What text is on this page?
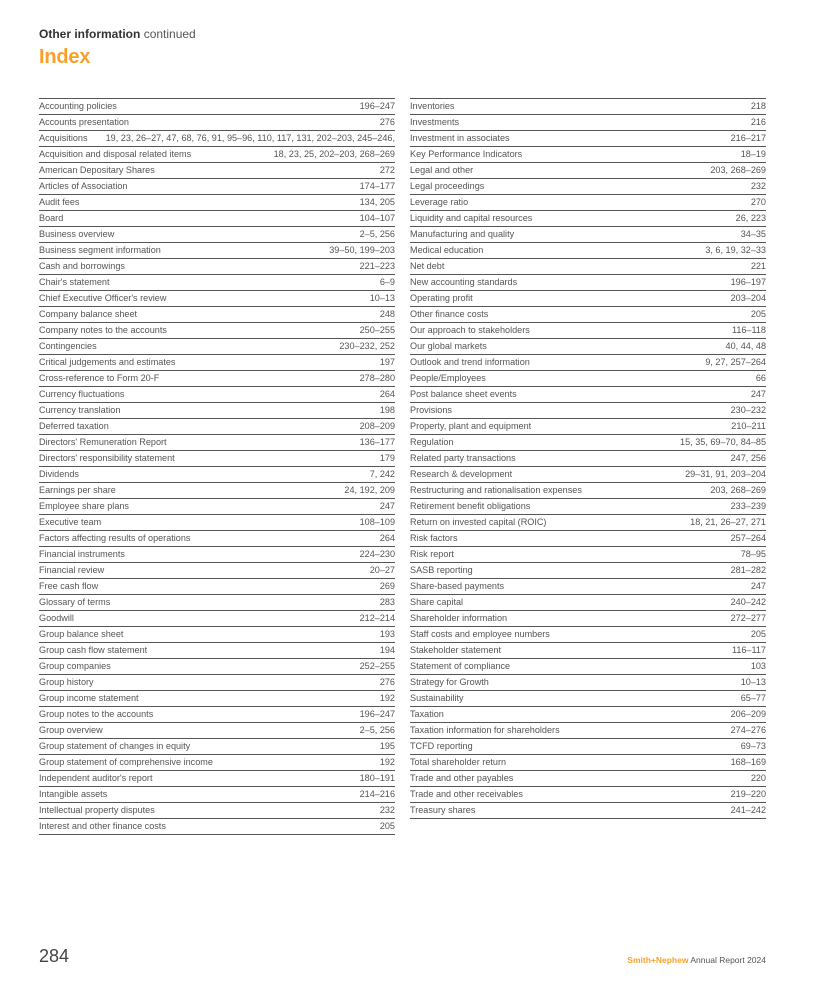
Other information continued
Index
Accounting policies	196–247
Accounts presentation	276
Acquisitions	19, 23, 26–27, 47, 68, 76, 91, 95–96, 110, 117, 131, 202–203, 245–246,
Acquisition and disposal related items	18, 23, 25, 202–203, 268–269
American Depositary Shares	272
Articles of Association	174–177
Audit fees	134, 205
Board	104–107
Business overview	2–5, 256
Business segment information	39–50, 199–203
Cash and borrowings	221–223
Chair's statement	6–9
Chief Executive Officer's review	10–13
Company balance sheet	248
Company notes to the accounts	250–255
Contingencies	230–232, 252
Critical judgements and estimates	197
Cross-reference to Form 20-F	278–280
Currency fluctuations	264
Currency translation	198
Deferred taxation	208–209
Directors' Remuneration Report	136–177
Directors' responsibility statement	179
Dividends	7, 242
Earnings per share	24, 192, 209
Employee share plans	247
Executive team	108–109
Factors affecting results of operations	264
Financial instruments	224–230
Financial review	20–27
Free cash flow	269
Glossary of terms	283
Goodwill	212–214
Group balance sheet	193
Group cash flow statement	194
Group companies	252–255
Group history	276
Group income statement	192
Group notes to the accounts	196–247
Group overview	2–5, 256
Group statement of changes in equity	195
Group statement of comprehensive income	192
Independent auditor's report	180–191
Intangible assets	214–216
Intellectual property disputes	232
Interest and other finance costs	205
Inventories	218
Investments	216
Investment in associates	216–217
Key Performance Indicators	18–19
Legal and other	203, 268–269
Legal proceedings	232
Leverage ratio	270
Liquidity and capital resources	26, 223
Manufacturing and quality	34–35
Medical education	3, 6, 19, 32–33
Net debt	221
New accounting standards	196–197
Operating profit	203–204
Other finance costs	205
Our approach to stakeholders	116–118
Our global markets	40, 44, 48
Outlook and trend information	9, 27, 257–264
People/Employees	66
Post balance sheet events	247
Provisions	230–232
Property, plant and equipment	210–211
Regulation	15, 35, 69–70, 84–85
Related party transactions	247, 256
Research & development	29–31, 91, 203–204
Restructuring and rationalisation expenses	203, 268–269
Retirement benefit obligations	233–239
Return on invested capital (ROIC)	18, 21, 26–27, 271
Risk factors	257–264
Risk report	78–95
SASB reporting	281–282
Share-based payments	247
Share capital	240–242
Shareholder information	272–277
Staff costs and employee numbers	205
Stakeholder statement	116–117
Statement of compliance	103
Strategy for Growth	10–13
Sustainability	65–77
Taxation	206–209
Taxation information for shareholders	274–276
TCFD reporting	69–73
Total shareholder return	168–169
Trade and other payables	220
Trade and other receivables	219–220
Treasury shares	241–242
284	Smith+Nephew Annual Report 2024
